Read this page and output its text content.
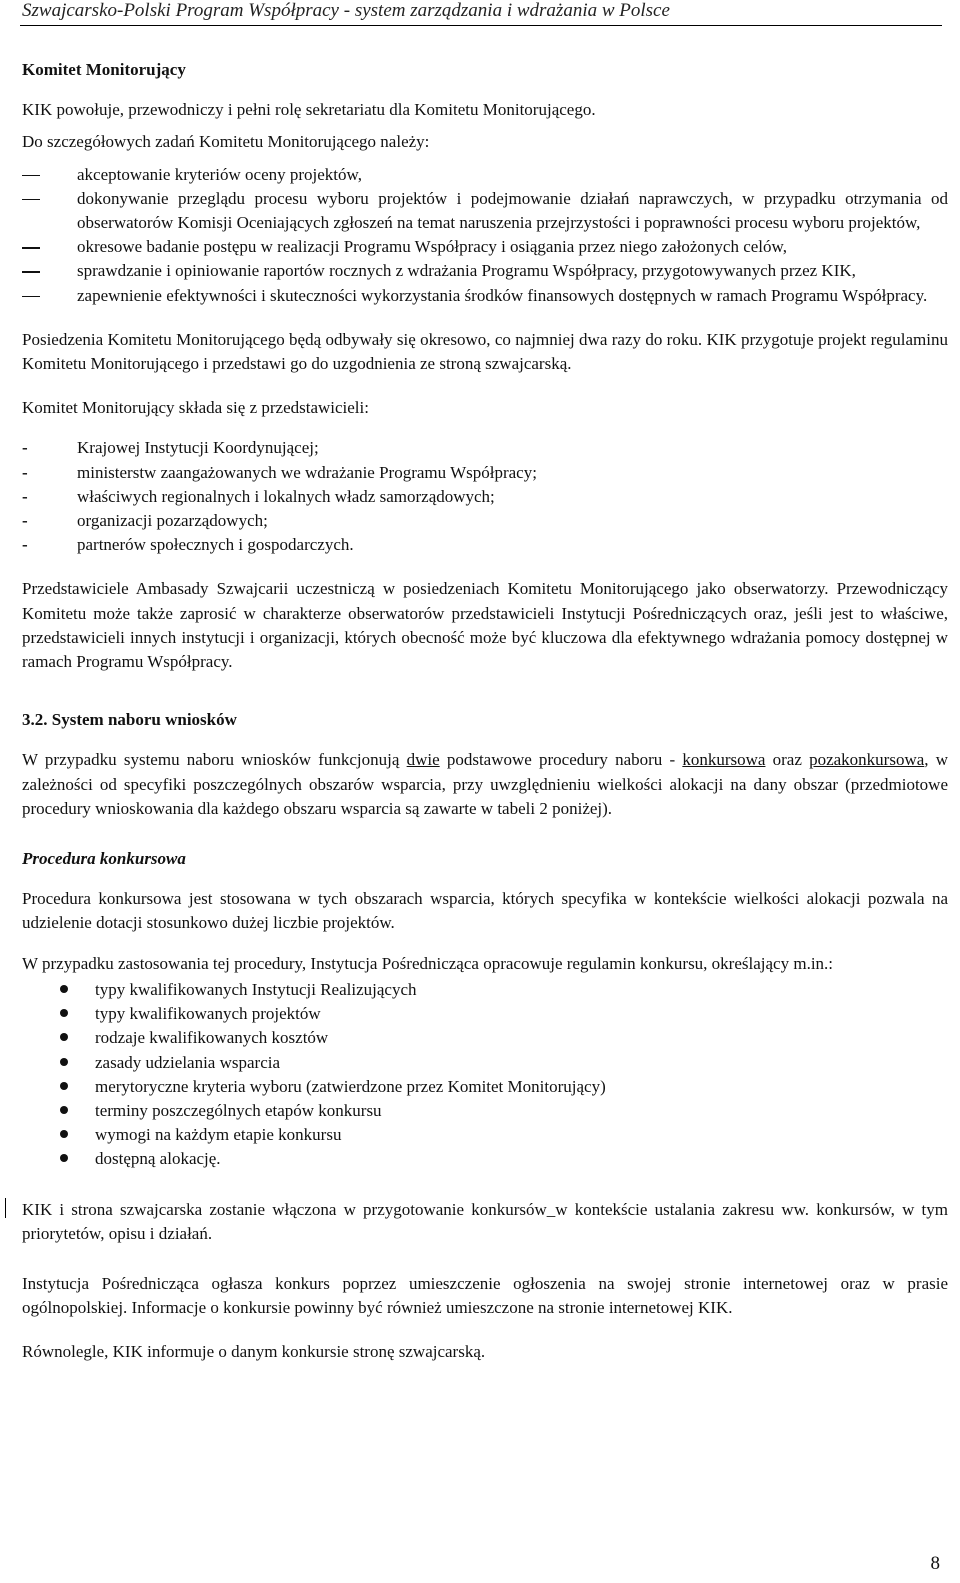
Szwajcarsko-Polski Program Współpracy - system zarządzania i wdrażania w Polsce

Komitet Monitorujący

KIK powołuje, przewodniczy i pełni rolę sekretariatu dla Komitetu Monitorującego.

Do szczegółowych zadań Komitetu Monitorującego należy:

akceptowanie kryteriów oceny projektów,
dokonywanie przeglądu procesu wyboru projektów i podejmowanie działań naprawczych, w przypadku otrzymania od obserwatorów Komisji Oceniających zgłoszeń na temat naruszenia przejrzystości i poprawności procesu wyboru projektów,
okresowe badanie postępu w realizacji Programu Współpracy i osiągania przez niego założonych celów,
sprawdzanie i opiniowanie raportów rocznych z wdrażania Programu Współpracy, przygotowywanych przez KIK,
zapewnienie efektywności i skuteczności wykorzystania środków finansowych dostępnych w ramach Programu Współpracy.

Posiedzenia Komitetu Monitorującego będą odbywały się okresowo, co najmniej dwa razy do roku. KIK przygotuje projekt regulaminu Komitetu Monitorującego i przedstawi go do uzgodnienia ze stroną szwajcarską.

Komitet Monitorujący składa się z przedstawicieli:

-	Krajowej Instytucji Koordynującej;
-	ministerstw zaangażowanych we wdrażanie Programu Współpracy;
-	właściwych regionalnych i lokalnych władz samorządowych;
-	organizacji pozarządowych;
-	partnerów społecznych i gospodarczych.

Przedstawiciele Ambasady Szwajcarii uczestniczą w posiedzeniach Komitetu Monitorującego jako obserwatorzy. Przewodniczący Komitetu może także zaprosić w charakterze obserwatorów przedstawicieli Instytucji Pośredniczących oraz, jeśli jest to właściwe, przedstawicieli innych instytucji i organizacji, których obecność może być kluczowa dla efektywnego wdrażania pomocy dostępnej w ramach Programu Współpracy.

3.2. System naboru wniosków

W przypadku systemu naboru wniosków funkcjonują dwie podstawowe procedury naboru - konkursowa oraz pozakonkursowa, w zależności od specyfiki poszczególnych obszarów wsparcia, przy uwzględnieniu wielkości alokacji na dany obszar (przedmiotowe procedury wnioskowania dla każdego obszaru wsparcia są zawarte w tabeli 2 poniżej).

Procedura konkursowa

Procedura konkursowa jest stosowana w tych obszarach wsparcia, których specyfika w kontekście wielkości alokacji pozwala na udzielenie dotacji stosunkowo dużej liczbie projektów.

W przypadku zastosowania tej procedury, Instytucja Pośrednicząca opracowuje regulamin konkursu, określający m.in.:

typy kwalifikowanych Instytucji Realizujących
typy kwalifikowanych projektów
rodzaje kwalifikowanych kosztów
zasady udzielania wsparcia
merytoryczne kryteria wyboru (zatwierdzone przez Komitet Monitorujący)
terminy poszczególnych etapów konkursu
wymogi na każdym etapie konkursu
dostępną alokację.

KIK i strona szwajcarska zostanie włączona w przygotowanie konkursów_w kontekście ustalania zakresu ww. konkursów, w tym priorytetów, opisu i działań.

Instytucja Pośrednicząca ogłasza konkurs poprzez umieszczenie ogłoszenia na swojej stronie internetowej oraz w prasie ogólnopolskiej. Informacje o konkursie powinny być również umieszczone na stronie internetowej KIK.

Równolegle, KIK informuje o danym konkursie stronę szwajcarską.

8
